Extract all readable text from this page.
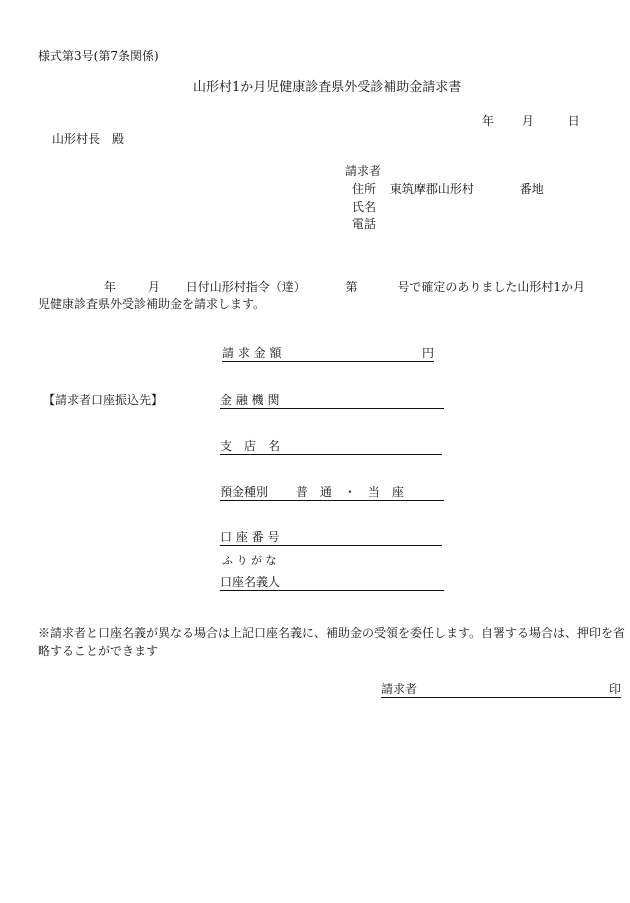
様式第3号(第7条関係)
山形村1か月児健康診査県外受診補助金請求書
年 月	日
山形村長　殿
請求者
住所 東筑摩郡山形村	番地
氏名
電話
年	月 日付山形村指令（達）	第	号で確定のありました山形村1か月
児健康診査県外受診補助金を請求します。
請 求 金 額	円
【請求者口座振込先】	金 融 機 関
支　店　名
預金種別 普　通　・　当　座
口 座 番 号
ふ り が な
口座名義人
※請求者と口座名義が異なる場合は上記口座名義に、補助金の受領を委任します。自署する場合は、押印を省略することができます
請求者	印
